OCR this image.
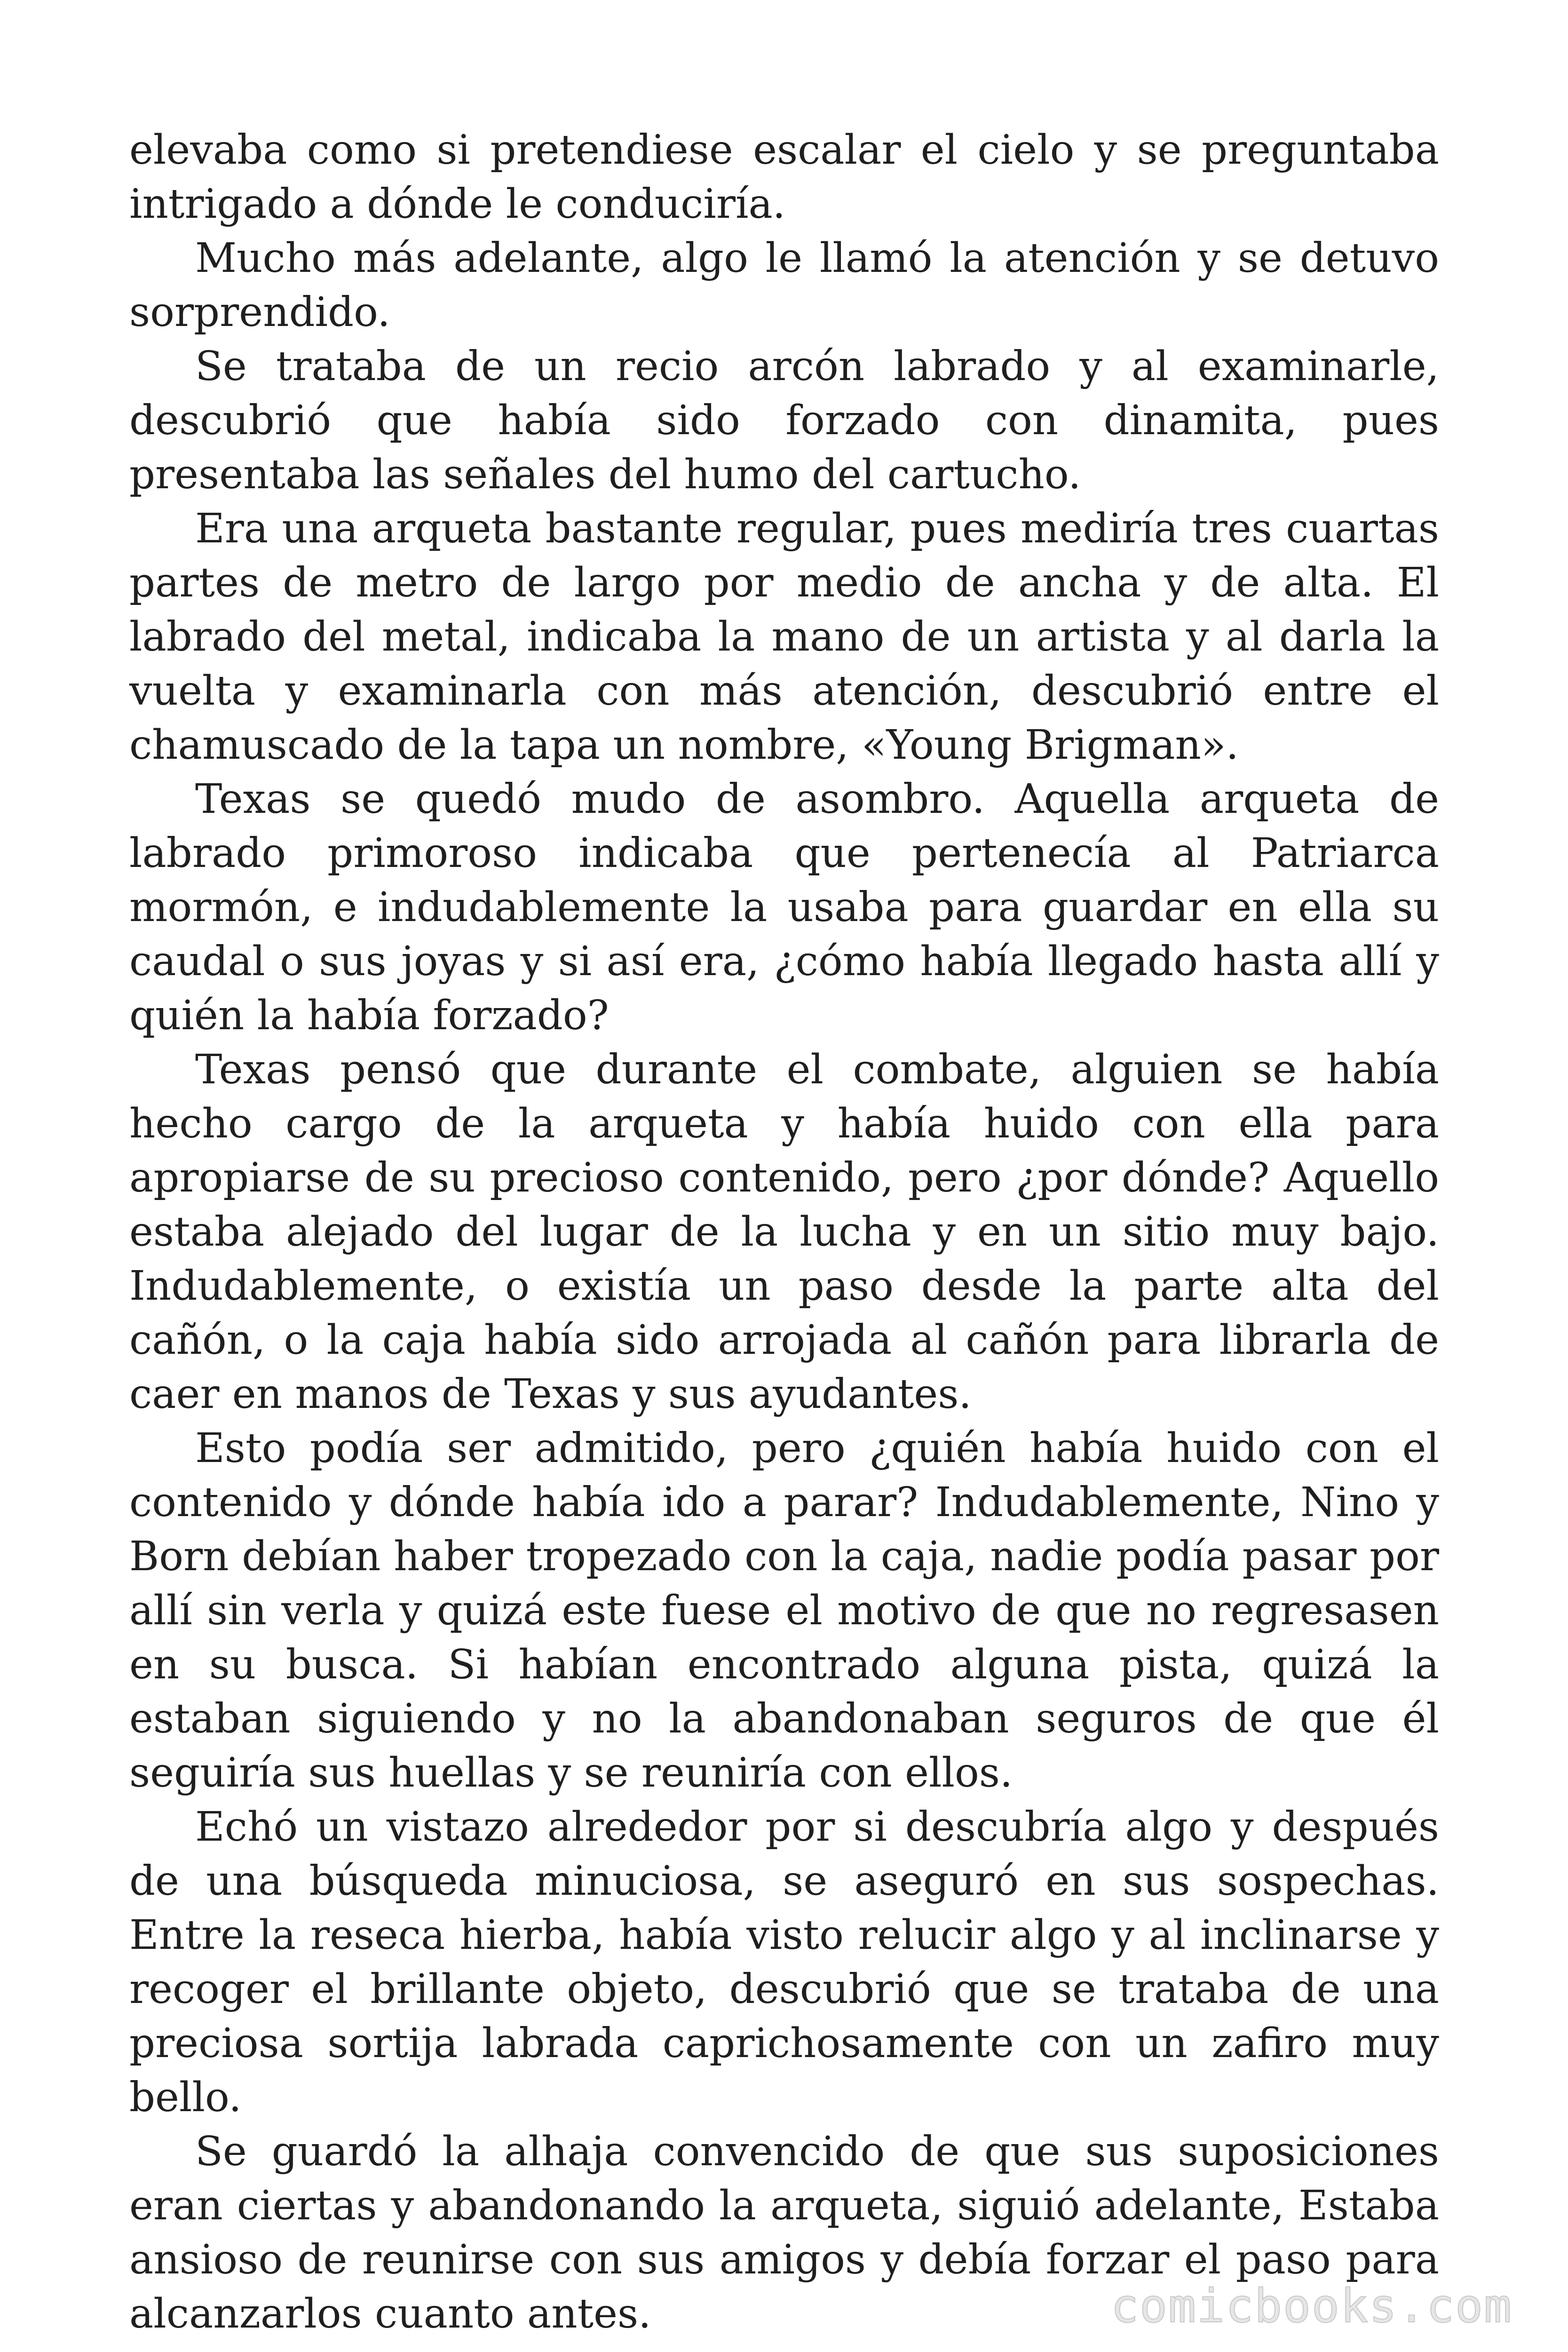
elevaba como si pretendiese escalar el cielo y se preguntaba intrigado a dónde le conduciría.

Mucho más adelante, algo le llamó la atención y se detuvo sorprendido.

Se trataba de un recio arcón labrado y al examinarle, descubrió que había sido forzado con dinamita, pues presentaba las señales del humo del cartucho.

Era una arqueta bastante regular, pues mediría tres cuartas partes de metro de largo por medio de ancha y de alta. El labrado del metal, indicaba la mano de un artista y al darla la vuelta y examinarla con más atención, descubrió entre el chamuscado de la tapa un nombre, «Young Brigman».

Texas se quedó mudo de asombro. Aquella arqueta de labrado primoroso indicaba que pertenecía al Patriarca mormón, e indudablemente la usaba para guardar en ella su caudal o sus joyas y si así era, ¿cómo había llegado hasta allí y quién la había forzado?

Texas pensó que durante el combate, alguien se había hecho cargo de la arqueta y había huido con ella para apropiarse de su precioso contenido, pero ¿por dónde? Aquello estaba alejado del lugar de la lucha y en un sitio muy bajo. Indudablemente, o existía un paso desde la parte alta del cañón, o la caja había sido arrojada al cañón para librarla de caer en manos de Texas y sus ayudantes.

Esto podía ser admitido, pero ¿quién había huido con el contenido y dónde había ido a parar? Indudablemente, Nino y Born debían haber tropezado con la caja, nadie podía pasar por allí sin verla y quizá este fuese el motivo de que no regresasen en su busca. Si habían encontrado alguna pista, quizá la estaban siguiendo y no la abandonaban seguros de que él seguiría sus huellas y se reuniría con ellos.

Echó un vistazo alrededor por si descubría algo y después de una búsqueda minuciosa, se aseguró en sus sospechas. Entre la reseca hierba, había visto relucir algo y al inclinarse y recoger el brillante objeto, descubrió que se trataba de una preciosa sortija labrada caprichosamente con un zafiro muy bello.

Se guardó la alhaja convencido de que sus suposiciones eran ciertas y abandonando la arqueta, siguió adelante, Estaba ansioso de reunirse con sus amigos y debía forzar el paso para alcanzarlos cuanto antes.	comicbooks.com
